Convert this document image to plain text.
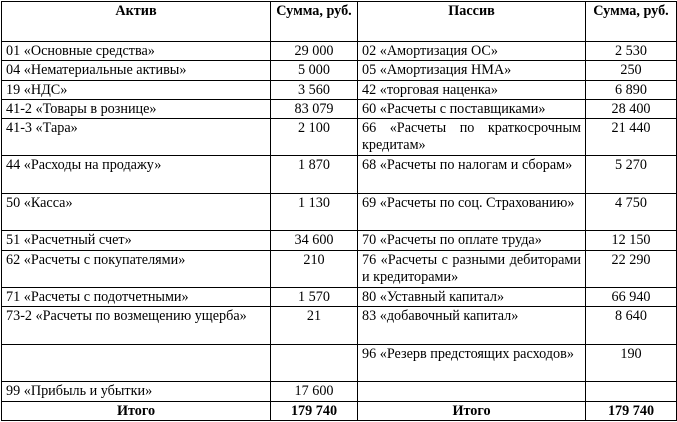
Актив	Сумма, руб.	Пассив	Сумма, руб.
01 «Основные средства»	29 000	02 «Амортизация ОС»	2 530
04 «Нематериальные активы»	5 000	05 «Амортизация НМА»	250
19 «НДС»	3 560	42 «торговая наценка»	6 890
41-2 «Товары в рознице»	83 079	60 «Расчеты с поставщиками»	28 400
41-3 «Тара»	2 100	66 «Расчеты по краткосрочным кредитам»	21 440
44 «Расходы на продажу»	1 870	68 «Расчеты по налогам и сборам»	5 270
50 «Касса»	1 130	69 «Расчеты по соц. Страхованию»	4 750
51 «Расчетный счет»	34 600	70 «Расчеты по оплате труда»	12 150
62 «Расчеты с покупателями»	210	76 «Расчеты с разными дебиторами и кредиторами»	22 290
71 «Расчеты с подотчетными»	1 570	80 «Уставный капитал»	66 940
73-2 «Расчеты по возмещению ущерба»	21	83 «добавочный капитал»	8 640
		96 «Резерв предстоящих расходов»	190
99 «Прибыль и убытки»	17 600		
Итого	179 740	Итого	179 740
